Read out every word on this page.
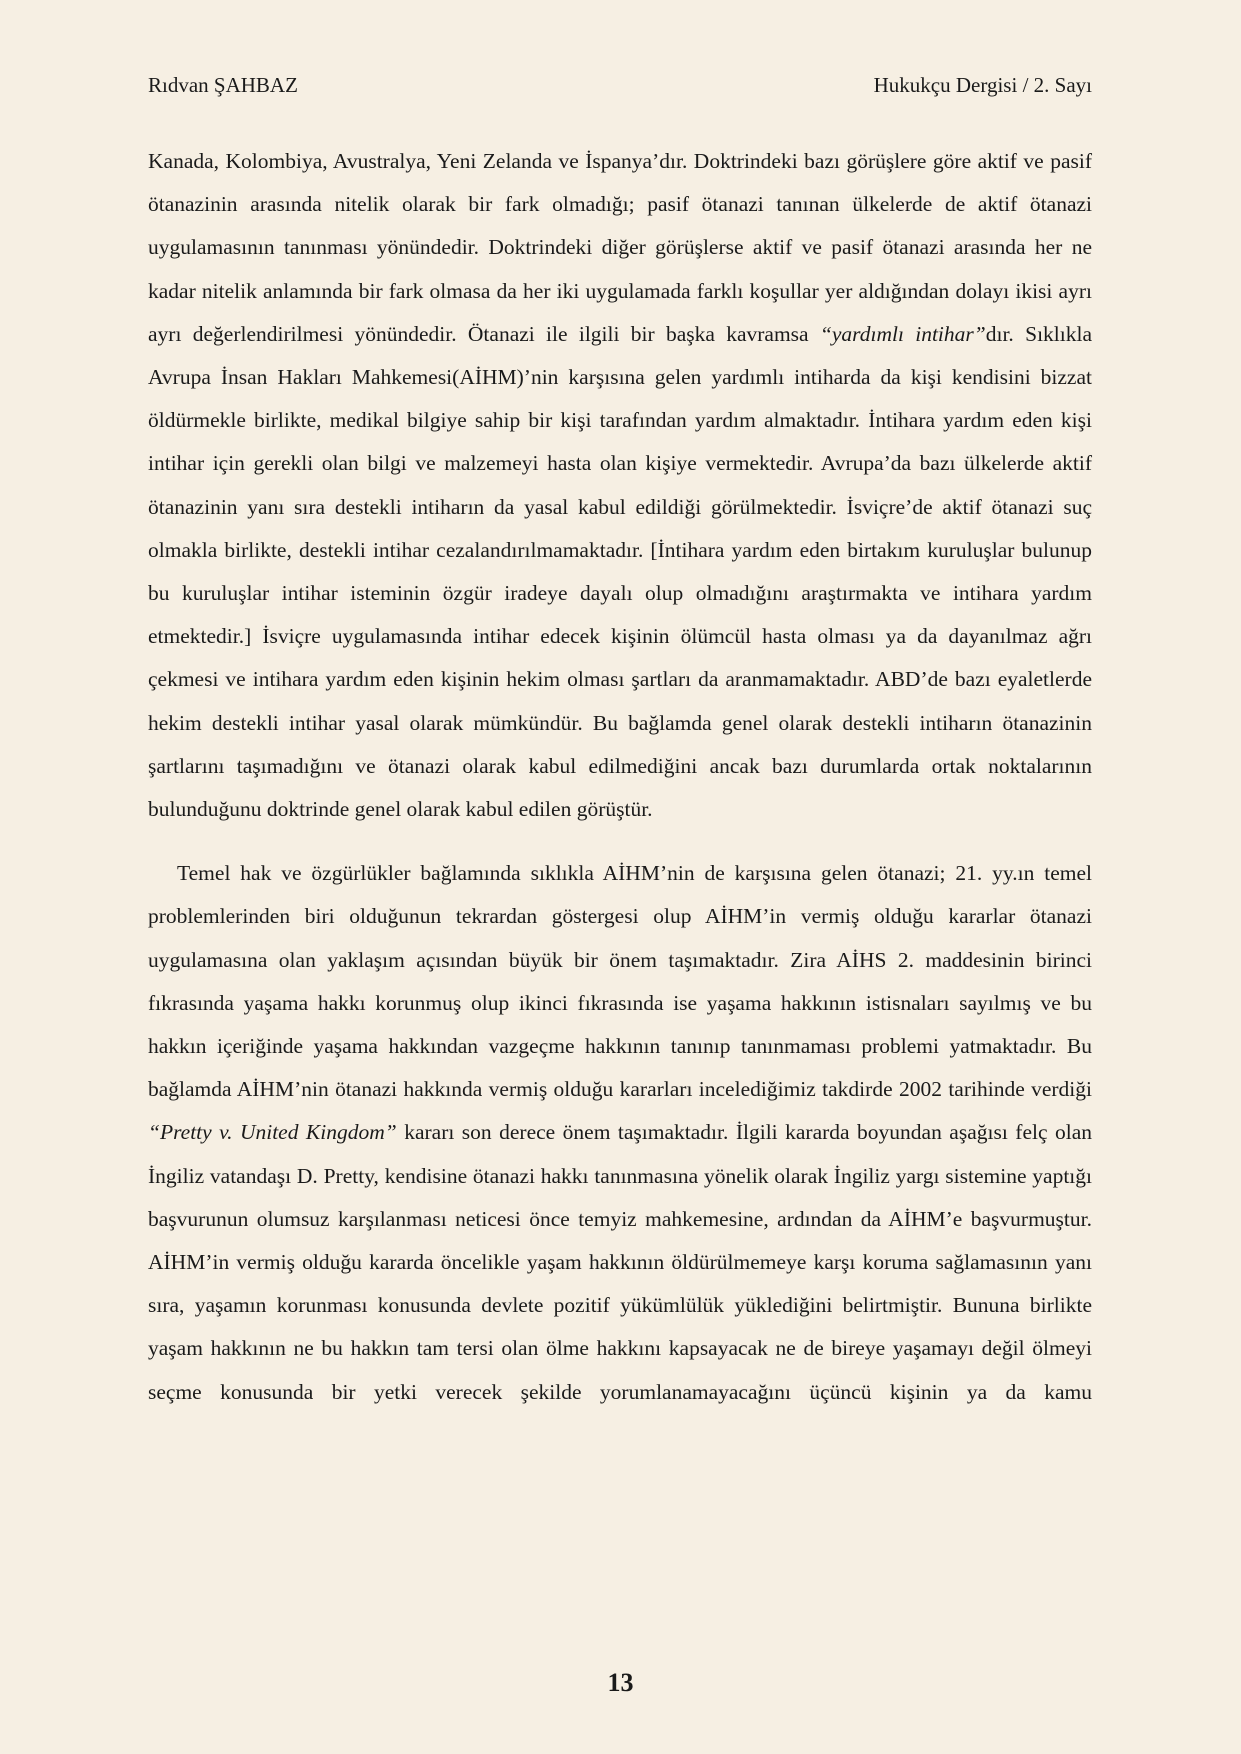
Rıdvan ŞAHBAZ	Hukukçu Dergisi / 2. Sayı

Kanada, Kolombiya, Avustralya, Yeni Zelanda ve İspanya’dır. Doktrindeki bazı görüşlere göre aktif ve pasif ötanazinin arasında nitelik olarak bir fark olmadığı; pasif ötanazi tanınan ülkelerde de aktif ötanazi uygulamasının tanınması yönündedir. Doktrindeki diğer görüşlerse aktif ve pasif ötanazi arasında her ne kadar nitelik anlamında bir fark olmasa da her iki uygulamada farklı koşullar yer aldığından dolayı ikisi ayrı ayrı değerlendirilmesi yönündedir. Ötanazi ile ilgili bir başka kavramsa “yardımlı intihar”dır. Sıklıkla Avrupa İnsan Hakları Mahkemesi(AİHM)’nin karşısına gelen yardımlı intiharda da kişi kendisini bizzat öldürmekle birlikte, medikal bilgiye sahip bir kişi tarafından yardım almaktadır. İntihara yardım eden kişi intihar için gerekli olan bilgi ve malzemeyi hasta olan kişiye vermektedir. Avrupa’da bazı ülkelerde aktif ötanazinin yanı sıra destekli intiharın da yasal kabul edildiği görülmektedir. İsviçre’de aktif ötanazi suç olmakla birlikte, destekli intihar cezalandırılmamaktadır. [İntihara yardım eden birtakım kuruluşlar bulunup bu kuruluşlar intihar isteminin özgür iradeye dayalı olup olmadığını araştırmakta ve intihara yardım etmektedir.] İsviçre uygulamasında intihar edecek kişinin ölümcül hasta olması ya da dayanılmaz ağrı çekmesi ve intihara yardım eden kişinin hekim olması şartları da aranmamaktadır. ABD’de bazı eyaletlerde hekim destekli intihar yasal olarak mümkündür. Bu bağlamda genel olarak destekli intiharın ötanazinin şartlarını taşımadığını ve ötanazi olarak kabul edilmediğini ancak bazı durumlarda ortak noktalarının bulunduğunu doktrinde genel olarak kabul edilen görüştür.

Temel hak ve özgürlükler bağlamında sıklıkla AİHM’nin de karşısına gelen ötanazi; 21. yy.ın temel problemlerinden biri olduğunun tekrardan göstergesi olup AİHM’in vermiş olduğu kararlar ötanazi uygulamasına olan yaklaşım açısından büyük bir önem taşımaktadır. Zira AİHS 2. maddesinin birinci fıkrasında yaşama hakkı korunmuş olup ikinci fıkrasında ise yaşama hakkının istisnaları sayılmış ve bu hakkın içeriğinde yaşama hakkından vazgeçme hakkının tanınıp tanınmaması problemi yatmaktadır. Bu bağlamda AİHM’nin ötanazi hakkında vermiş olduğu kararları incelediğimiz takdirde 2002 tarihinde verdiği “Pretty v. United Kingdom” kararı son derece önem taşımaktadır. İlgili kararda boyundan aşağısı felç olan İngiliz vatandaşı D. Pretty, kendisine ötanazi hakkı tanınmasına yönelik olarak İngiliz yargı sistemine yaptığı başvurunun olumsuz karşılanması neticesi önce temyiz mahkemesine, ardından da AİHM’e başvurmuştur. AİHM’in vermiş olduğu kararda öncelikle yaşam hakkının öldürülmemeye karşı koruma sağlamasının yanı sıra, yaşamın korunması konusunda devlete pozitif yükümlülük yüklediğini belirtmiştir. Bununa birlikte yaşam hakkının ne bu hakkın tam tersi olan ölme hakkını kapsayacak ne de bireye yaşamayı değil ölmeyi seçme konusunda bir yetki verecek şekilde yorumlanamayacağını üçüncü kişinin ya da kamu

13
